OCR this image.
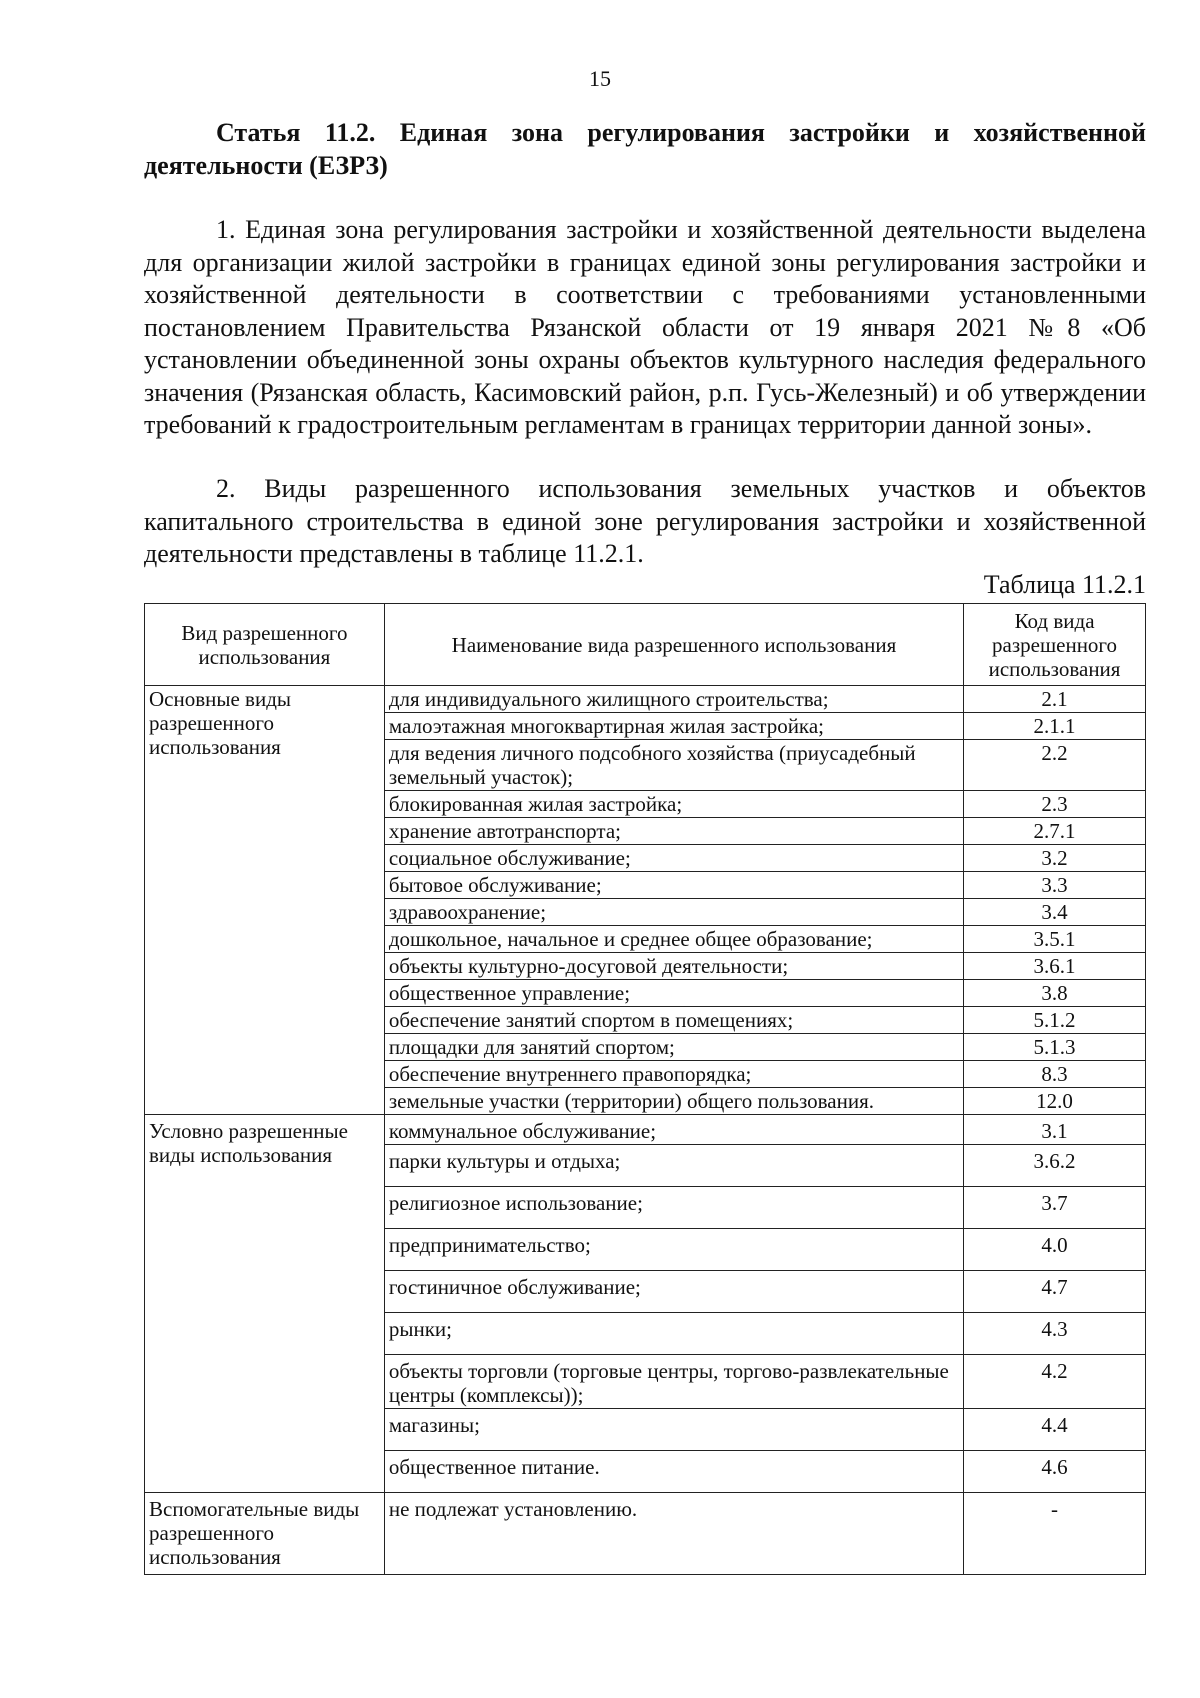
15

Статья 11.2. Единая зона регулирования застройки и хозяйственной деятельности (ЕЗРЗ)

1. Единая зона регулирования застройки и хозяйственной деятельности выделена для организации жилой застройки в границах единой зоны регулирования застройки и хозяйственной деятельности в соответствии с требованиями установленными постановлением Правительства Рязанской области от 19 января 2021 №8 «Об установлении объединенной зоны охраны объектов культурного наследия федерального значения (Рязанская область, Касимовский район, р.п. Гусь-Железный) и об утверждении требований к градостроительным регламентам в границах территории данной зоны».

2. Виды разрешенного использования земельных участков и объектов капитального строительства в единой зоне регулирования застройки и хозяйственной деятельности представлены в таблице 11.2.1.

Таблица 11.2.1
Вид разрешенного использования	Наименование вида разрешенного использования	Код вида разрешенного использования
Основные виды разрешенного использования	для индивидуального жилищного строительства;	2.1
	малоэтажная многоквартирная жилая застройка;	2.1.1
	для ведения личного подсобного хозяйства (приусадебный земельный участок);	2.2
	блокированная жилая застройка;	2.3
	хранение автотранспорта;	2.7.1
	социальное обслуживание;	3.2
	бытовое обслуживание;	3.3
	здравоохранение;	3.4
	дошкольное, начальное и среднее общее образование;	3.5.1
	объекты культурно-досуговой деятельности;	3.6.1
	общественное управление;	3.8
	обеспечение занятий спортом в помещениях;	5.1.2
	площадки для занятий спортом;	5.1.3
	обеспечение внутреннего правопорядка;	8.3
	земельные участки (территории) общего пользования.	12.0
Условно разрешенные виды использования	коммунальное обслуживание;	3.1
	парки культуры и отдыха;	3.6.2
	религиозное использование;	3.7
	предпринимательство;	4.0
	гостиничное обслуживание;	4.7
	рынки;	4.3
	объекты торговли (торговые центры, торгово-развлекательные центры (комплексы));	4.2
	магазины;	4.4
	общественное питание.	4.6
Вспомогательные виды разрешенного использования	не подлежат установлению.	-
